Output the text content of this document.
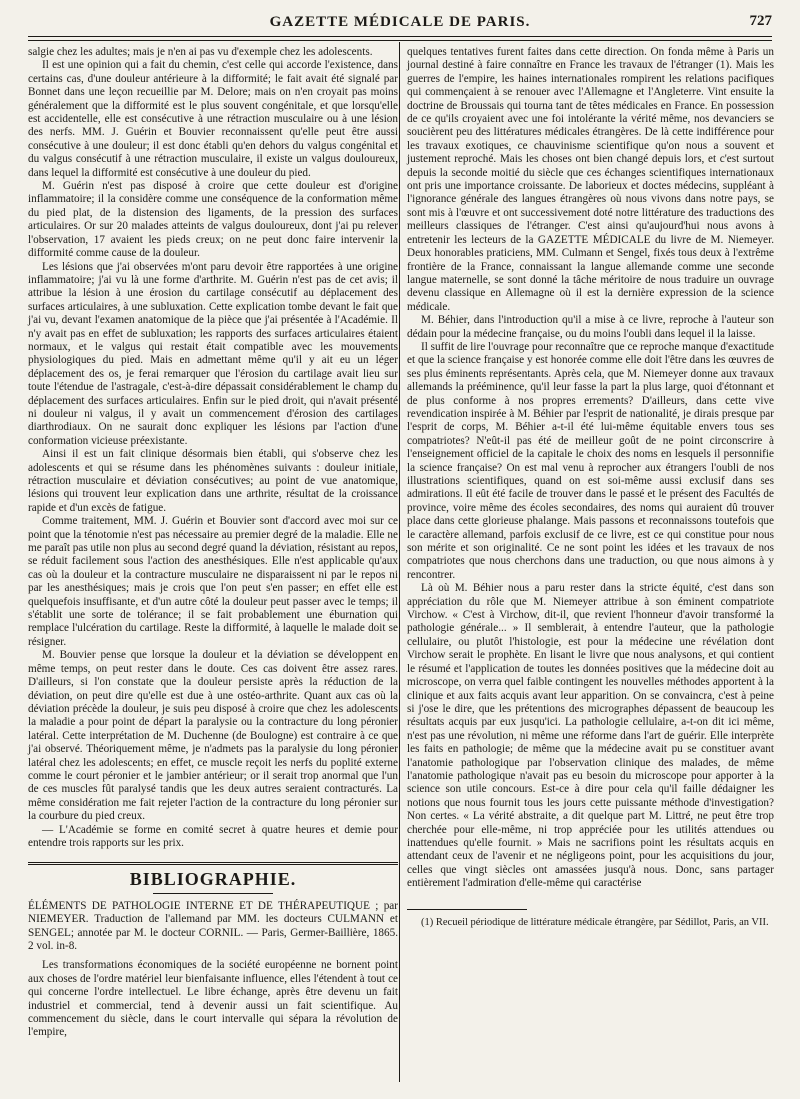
GAZETTE MÉDICALE DE PARIS.	727

salgie chez les adultes; mais je n'en ai pas vu d'exemple chez les adolescents.

Il est une opinion qui a fait du chemin, c'est celle qui accorde l'existence, dans certains cas, d'une douleur antérieure à la difformité; le fait avait été signalé par Bonnet dans une leçon recueillie par M. Delore; mais on n'en croyait pas moins généralement que la difformité est le plus souvent congénitale, et que lorsqu'elle est accidentelle, elle est consécutive à une rétraction musculaire ou à une lésion des nerfs. MM. J. Guérin et Bouvier reconnaissent qu'elle peut être aussi consécutive à une douleur; il est donc établi qu'en dehors du valgus congénital et du valgus consécutif à une rétraction musculaire, il existe un valgus douloureux, dans lequel la difformité est consécutive à une douleur du pied.

M. Guérin n'est pas disposé à croire que cette douleur est d'origine inflammatoire; il la considère comme une conséquence de la conformation même du pied plat, de la distension des ligaments, de la pression des surfaces articulaires. Or sur 20 malades atteints de valgus douloureux, dont j'ai pu relever l'observation, 17 avaient les pieds creux; on ne peut donc faire intervenir la difformité comme cause de la douleur.

Les lésions que j'ai observées m'ont paru devoir être rapportées à une origine inflammatoire; j'ai vu là une forme d'arthrite. M. Guérin n'est pas de cet avis; il attribue la lésion à une érosion du cartilage consécutif au déplacement des surfaces articulaires, à une subluxation. Cette explication tombe devant le fait que j'ai vu, devant l'examen anatomique de la pièce que j'ai présentée à l'Académie. Il n'y avait pas en effet de subluxation; les rapports des surfaces articulaires étaient normaux, et le valgus qui restait était compatible avec les mouvements physiologiques du pied. Mais en admettant même qu'il y ait eu un léger déplacement des os, je ferai remarquer que l'érosion du cartilage avait lieu sur toute l'étendue de l'astragale, c'est-à-dire dépassait considérablement le champ du déplacement des surfaces articulaires. Enfin sur le pied droit, qui n'avait présenté ni douleur ni valgus, il y avait un commencement d'érosion des cartilages diarthrodiaux. On ne saurait donc expliquer les lésions par l'action d'une conformation vicieuse préexistante.

Ainsi il est un fait clinique désormais bien établi, qui s'observe chez les adolescents et qui se résume dans les phénomènes suivants : douleur initiale, rétraction musculaire et déviation consécutives; au point de vue anatomique, lésions qui trouvent leur explication dans une arthrite, résultat de la croissance rapide et d'un excès de fatigue.

Comme traitement, MM. J. Guérin et Bouvier sont d'accord avec moi sur ce point que la ténotomie n'est pas nécessaire au premier degré de la maladie. Elle ne me paraît pas utile non plus au second degré quand la déviation, résistant au repos, se réduit facilement sous l'action des anesthésiques. Elle n'est applicable qu'aux cas où la douleur et la contracture musculaire ne disparaissent ni par le repos ni par les anesthésiques; mais je crois que l'on peut s'en passer; en effet elle est quelquefois insuffisante, et d'un autre côté la douleur peut passer avec le temps; il s'établit une sorte de tolérance; il se fait probablement une éburnation qui remplace l'ulcération du cartilage. Reste la difformité, à laquelle le malade doit se résigner.

M. Bouvier pense que lorsque la douleur et la déviation se développent en même temps, on peut rester dans le doute. Ces cas doivent être assez rares. D'ailleurs, si l'on constate que la douleur persiste après la réduction de la déviation, on peut dire qu'elle est due à une ostéo-arthrite. Quant aux cas où la déviation précède la douleur, je suis peu disposé à croire que chez les adolescents la maladie a pour point de départ la paralysie ou la contracture du long péronier latéral. Cette interprétation de M. Duchenne (de Boulogne) est contraire à ce que j'ai observé. Théoriquement même, je n'admets pas la paralysie du long péronier latéral chez les adolescents; en effet, ce muscle reçoit les nerfs du poplité externe comme le court péronier et le jambier antérieur; or il serait trop anormal que l'un de ces muscles fût paralysé tandis que les deux autres seraient contracturés. La même considération me fait rejeter l'action de la contracture du long péronier sur la courbure du pied creux.

— L'Académie se forme en comité secret à quatre heures et demie pour entendre trois rapports sur les prix.

BIBLIOGRAPHIE.

ÉLÉMENTS DE PATHOLOGIE INTERNE ET DE THÉRAPEUTIQUE ; par NIEMEYER. Traduction de l'allemand par MM. les docteurs CULMANN et SENGEL; annotée par M. le docteur CORNIL. — Paris, Germer-Baillière, 1865. 2 vol. in-8.

Les transformations économiques de la société européenne ne bornent point aux choses de l'ordre matériel leur bienfaisante influence, elles l'étendent à tout ce qui concerne l'ordre intellectuel. Le libre échange, après être devenu un fait industriel et commercial, tend à devenir aussi un fait scientifique. Au commencement du siècle, dans le court intervalle qui sépara la révolution de l'empire,

quelques tentatives furent faites dans cette direction. On fonda même à Paris un journal destiné à faire connaître en France les travaux de l'étranger (1). Mais les guerres de l'empire, les haines internationales rompirent les relations pacifiques qui commençaient à se renouer avec l'Allemagne et l'Angleterre. Vint ensuite la doctrine de Broussais qui tourna tant de têtes médicales en France. En possession de ce qu'ils croyaient avec une foi intolérante la vérité même, nos devanciers se soucièrent peu des littératures médicales étrangères. De là cette indifférence pour les travaux exotiques, ce chauvinisme scientifique qu'on nous a souvent et justement reproché. Mais les choses ont bien changé depuis lors, et c'est surtout depuis la seconde moitié du siècle que ces échanges scientifiques internationaux ont pris une importance croissante. De laborieux et doctes médecins, suppléant à l'ignorance générale des langues étrangères où nous vivons dans notre pays, se sont mis à l'œuvre et ont successivement doté notre littérature des traductions des meilleurs classiques de l'étranger. C'est ainsi qu'aujourd'hui nous avons à entretenir les lecteurs de la GAZETTE MÉDICALE du livre de M. Niemeyer. Deux honorables praticiens, MM. Culmann et Sengel, fixés tous deux à l'extrême frontière de la France, connaissant la langue allemande comme une seconde langue maternelle, se sont donné la tâche méritoire de nous traduire un ouvrage devenu classique en Allemagne où il est la dernière expression de la science médicale.

M. Béhier, dans l'introduction qu'il a mise à ce livre, reproche à l'auteur son dédain pour la médecine française, ou du moins l'oubli dans lequel il la laisse.

Il suffit de lire l'ouvrage pour reconnaître que ce reproche manque d'exactitude et que la science française y est honorée comme elle doit l'être dans les œuvres de ses plus éminents représentants. Après cela, que M. Niemeyer donne aux travaux allemands la prééminence, qu'il leur fasse la part la plus large, quoi d'étonnant et de plus conforme à nos propres errements? D'ailleurs, dans cette vive revendication inspirée à M. Béhier par l'esprit de nationalité, je dirais presque par l'esprit de corps, M. Béhier a-t-il été lui-même équitable envers tous ses compatriotes? N'eût-il pas été de meilleur goût de ne point circonscrire à l'enseignement officiel de la capitale le choix des noms en lesquels il personnifie la science française? On est mal venu à reprocher aux étrangers l'oubli de nos illustrations scientifiques, quand on est soi-même aussi exclusif dans ses admirations. Il eût été facile de trouver dans le passé et le présent des Facultés de province, voire même des écoles secondaires, des noms qui auraient dû trouver place dans cette glorieuse phalange. Mais passons et reconnaissons toutefois que le caractère allemand, parfois exclusif de ce livre, est ce qui constitue pour nous son mérite et son originalité. Ce ne sont point les idées et les travaux de nos compatriotes que nous cherchons dans une traduction, ou que nous aimons à y rencontrer.

Là où M. Béhier nous a paru rester dans la stricte équité, c'est dans son appréciation du rôle que M. Niemeyer attribue à son éminent compatriote Virchow. « C'est à Virchow, dit-il, que revient l'honneur d'avoir transformé la pathologie générale... » Il semblerait, à entendre l'auteur, que la pathologie cellulaire, ou plutôt l'histologie, est pour la médecine une révélation dont Virchow serait le prophète. En lisant le livre que nous analysons, et qui contient le résumé et l'application de toutes les données positives que la médecine doit au microscope, on verra quel faible contingent les nouvelles méthodes apportent à la clinique et aux faits acquis avant leur apparition. On se convaincra, c'est à peine si j'ose le dire, que les prétentions des micrographes dépassent de beaucoup les résultats acquis par eux jusqu'ici. La pathologie cellulaire, a-t-on dit ici même, n'est pas une révolution, ni même une réforme dans l'art de guérir. Elle interprète les faits en pathologie; de même que la médecine avait pu se constituer avant l'anatomie pathologique par l'observation clinique des malades, de même l'anatomie pathologique n'avait pas eu besoin du microscope pour apporter à la science son utile concours. Est-ce à dire pour cela qu'il faille dédaigner les notions que nous fournit tous les jours cette puissante méthode d'investigation? Non certes. « La vérité abstraite, a dit quelque part M. Littré, ne peut être trop cherchée pour elle-même, ni trop appréciée pour les utilités attendues ou inattendues qu'elle fournit. » Mais ne sacrifions point les résultats acquis en attendant ceux de l'avenir et ne négligeons point, pour les acquisitions du jour, celles que vingt siècles ont amassées jusqu'à nous. Donc, sans partager entièrement l'admiration d'elle-même qui caractérise

(1) Recueil périodique de littérature médicale étrangère, par Sédillot, Paris, an VII.
